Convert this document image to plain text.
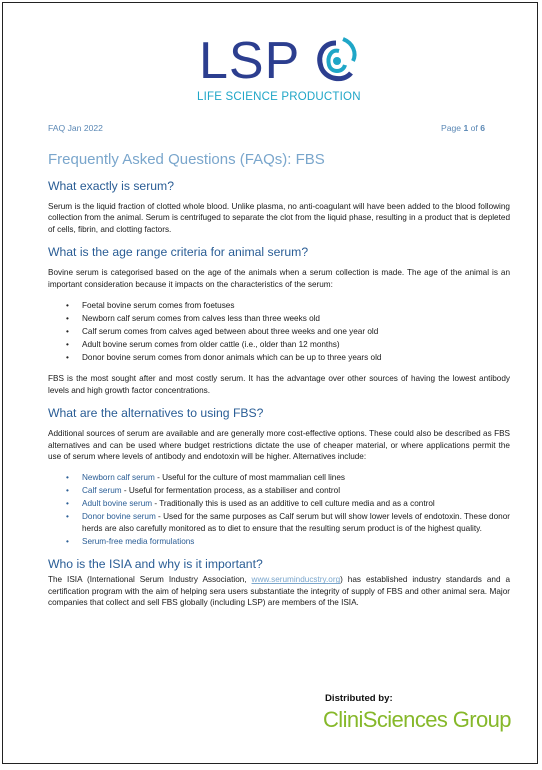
LSP
LIFE SCIENCE PRODUCTION
FAQ Jan 2022	Page 1 of 6
Frequently Asked Questions (FAQs): FBS
What exactly is serum?

Serum is the liquid fraction of clotted whole blood. Unlike plasma, no anti-coagulant will have been added to the blood following collection from the animal. Serum is centrifuged to separate the clot from the liquid phase, resulting in a product that is depleted of cells, fibrin, and clotting factors.

What is the age range criteria for animal serum?

Bovine serum is categorised based on the age of the animals when a serum collection is made. The age of the animal is an important consideration because it impacts on the characteristics of the serum:

• Foetal bovine serum comes from foetuses
• Newborn calf serum comes from calves less than three weeks old
• Calf serum comes from calves aged between about three weeks and one year old
• Adult bovine serum comes from older cattle (i.e., older than 12 months)
• Donor bovine serum comes from donor animals which can be up to three years old

FBS is the most sought after and most costly serum. It has the advantage over other sources of having the lowest antibody levels and high growth factor concentrations.

What are the alternatives to using FBS?

Additional sources of serum are available and are generally more cost-effective options. These could also be described as FBS alternatives and can be used where budget restrictions dictate the use of cheaper material, or where applications permit the use of serum where levels of antibody and endotoxin will be higher. Alternatives include:

• Newborn calf serum - Useful for the culture of most mammalian cell lines
• Calf serum - Useful for fermentation process, as a stabiliser and control
• Adult bovine serum - Traditionally this is used as an additive to cell culture media and as a control
• Donor bovine serum - Used for the same purposes as Calf serum but will show lower levels of endotoxin. These donor herds are also carefully monitored as to diet to ensure that the resulting serum product is of the highest quality.
• Serum-free media formulations
Who is the ISIA and why is it important?

The ISIA (International Serum Industry Association, www.seruminducstry.org) has established industry standards and a certification program with the aim of helping sera users substantiate the integrity of supply of FBS and other animal sera. Major companies that collect and sell FBS globally (including LSP) are members of the ISIA.

Distributed by:
CliniSciences Group
